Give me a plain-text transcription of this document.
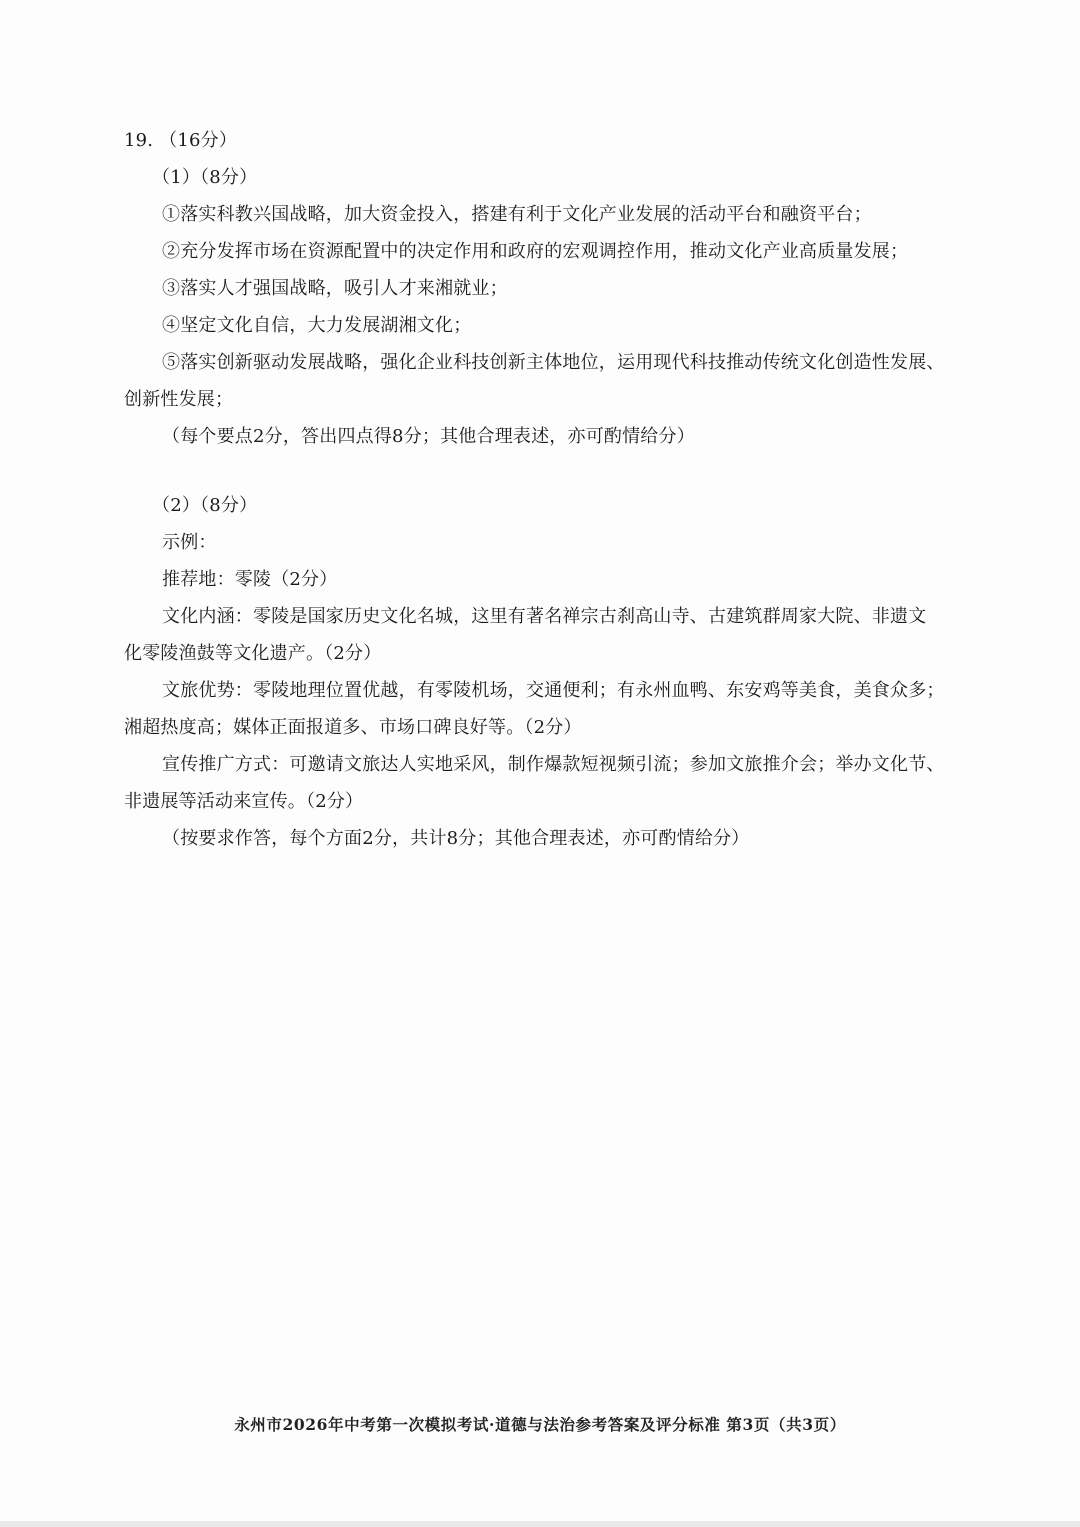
19. （16分）
（1）（8分）
①落实科教兴国战略，加大资金投入，搭建有利于文化产业发展的活动平台和融资平台；
②充分发挥市场在资源配置中的决定作用和政府的宏观调控作用，推动文化产业高质量发展；
③落实人才强国战略，吸引人才来湘就业；
④坚定文化自信，大力发展湖湘文化；
⑤落实创新驱动发展战略，强化企业科技创新主体地位，运用现代科技推动传统文化创造性发展、
创新性发展；
（每个要点2分，答出四点得8分；其他合理表述，亦可酌情给分）
（2）（8分）
示例：
推荐地：零陵（2分）
文化内涵：零陵是国家历史文化名城，这里有著名禅宗古刹高山寺、古建筑群周家大院、非遗文
化零陵渔鼓等文化遗产。（2分）
文旅优势：零陵地理位置优越，有零陵机场，交通便利；有永州血鸭、东安鸡等美食，美食众多；
湘超热度高；媒体正面报道多、市场口碑良好等。（2分）
宣传推广方式：可邀请文旅达人实地采风，制作爆款短视频引流；参加文旅推介会；举办文化节、
非遗展等活动来宣传。（2分）
（按要求作答，每个方面2分，共计8分；其他合理表述，亦可酌情给分）
永州市2026年中考第一次模拟考试·道德与法治参考答案及评分标准 第3页（共3页）
